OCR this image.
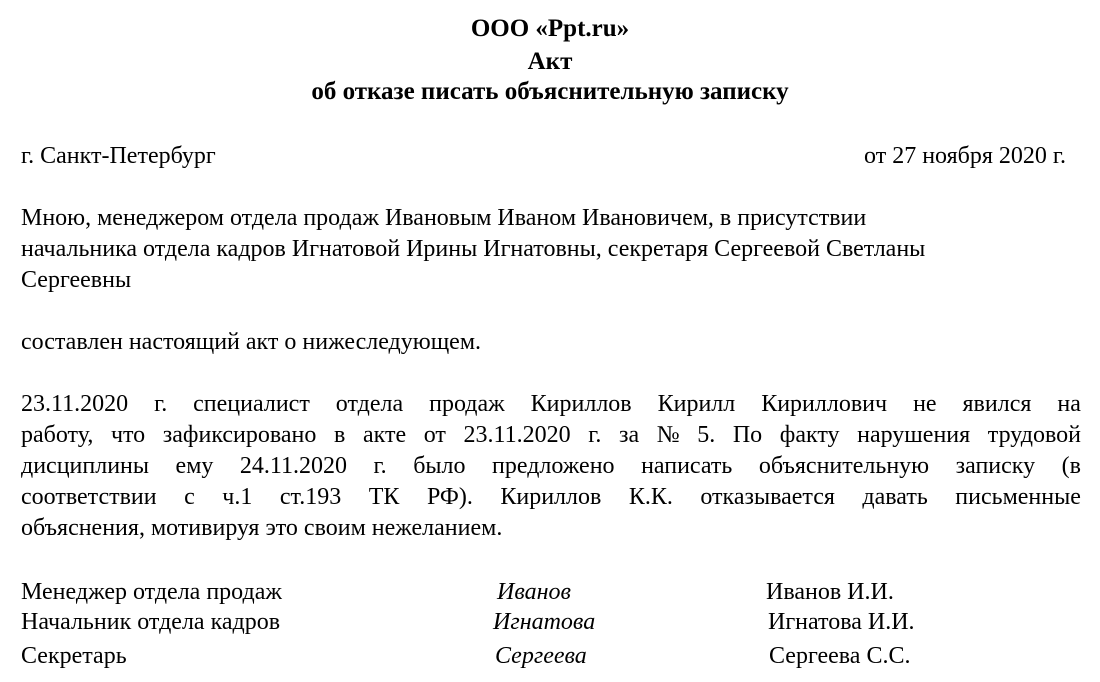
ООО «Ppt.ru»
Акт
об отказе писать объяснительную записку
г. Санкт-Петербург	от 27 ноября 2020 г.
Мною, менеджером отдела продаж Ивановым Иваном Ивановичем, в присутствии
начальника отдела кадров Игнатовой Ирины Игнатовны, секретаря Сергеевой Светланы
Сергеевны
составлен настоящий акт о нижеследующем.
23.11.2020 г. специалист отдела продаж Кириллов Кирилл Кириллович не явился на
работу, что зафиксировано в акте от 23.11.2020 г. за № 5. По факту нарушения трудовой
дисциплины ему 24.11.2020 г. было предложено написать объяснительную записку (в
соответствии с ч.1 ст.193 ТК РФ). Кириллов К.К. отказывается давать письменные
объяснения, мотивируя это своим нежеланием.
Менеджер отдела продаж	Иванов	Иванов И.И.
Начальник отдела кадров	Игнатова	Игнатова И.И.
Секретарь	Сергеева	Сергеева С.С.
